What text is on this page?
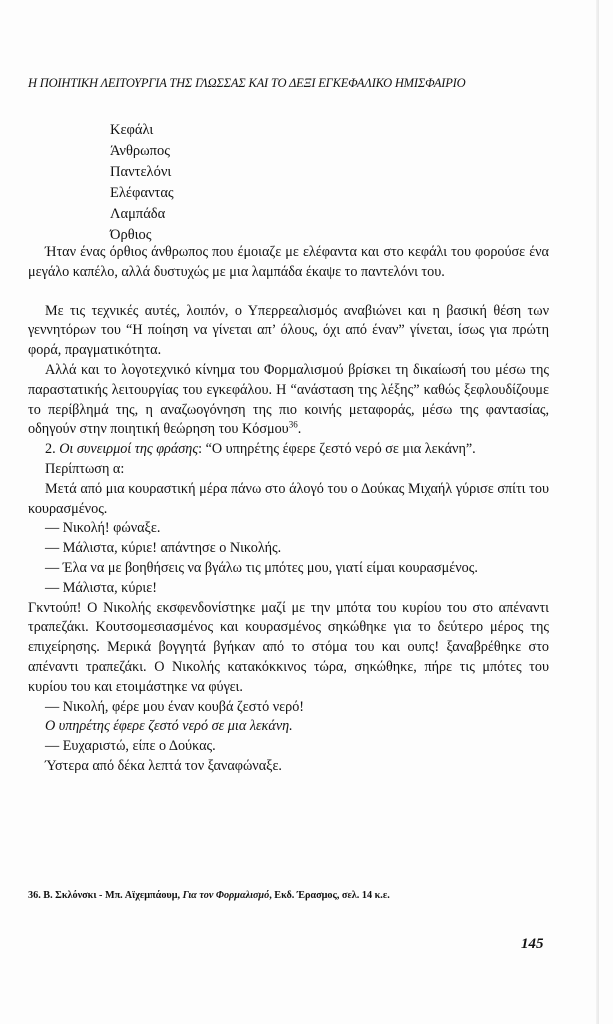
Η ΠΟΙΗΤΙΚΗ ΛΕΙΤΟΥΡΓΙΑ ΤΗΣ ΓΛΩΣΣΑΣ ΚΑΙ ΤΟ ΔΕΞΙ ΕΓΚΕΦΑΛΙΚΟ ΗΜΙΣΦΑΙΡΙΟ
Κεφάλι
Άνθρωπος
Παντελόνι
Ελέφαντας
Λαμπάδα
Όρθιος

Ήταν ένας όρθιος άνθρωπος που έμοιαζε με ελέφαντα και στο κεφάλι του φορούσε ένα μεγάλο καπέλο, αλλά δυστυχώς με μια λαμπάδα έκαψε το παντελόνι του.

Με τις τεχνικές αυτές, λοιπόν, ο Υπερρεαλισμός αναβιώνει και η βασική θέση των γεννητόρων του “Η ποίηση να γίνεται απ’ όλους, όχι από έναν” γίνεται, ίσως για πρώτη φορά, πραγματικότητα.

Αλλά και το λογοτεχνικό κίνημα του Φορμαλισμού βρίσκει τη δικαίωσή του μέσω της παραστατικής λειτουργίας του εγκεφάλου. Η “ανάσταση της λέξης” καθώς ξεφλουδίζουμε το περίβλημά της, η αναζωογόνηση της πιο κοινής μεταφοράς, μέσω της φαντασίας, οδηγούν στην ποιητική θεώρηση του Κόσμου$^{36}$.

2. Οι συνειρμοί της φράσης: “Ο υπηρέτης έφερε ζεστό νερό σε μια λεκάνη”.

Περίπτωση α:

Μετά από μια κουραστική μέρα πάνω στο άλογό του ο Δούκας Μιχαήλ γύρισε σπίτι του κουρασμένος.

— Νικολή! φώναξε.

— Μάλιστα, κύριε! απάντησε ο Νικολής.

— Έλα να με βοηθήσεις να βγάλω τις μπότες μου, γιατί είμαι κουρασμένος.

— Μάλιστα, κύριε!

Γκντούπ! Ο Νικολής εκσφενδονίστηκε μαζί με την μπότα του κυρίου του στο απέναντι τραπεζάκι. Κουτσομεσιασμένος και κουρασμένος σηκώθηκε για το δεύτερο μέρος της επιχείρησης. Μερικά βογγητά βγήκαν από το στόμα του και ουπς! ξαναβρέθηκε στο απέναντι τραπεζάκι. Ο Νικολής κατακόκκινος τώρα, σηκώθηκε, πήρε τις μπότες του κυρίου του και ετοιμάστηκε να φύγει.

— Νικολή, φέρε μου έναν κουβά ζεστό νερό!

Ο υπηρέτης έφερε ζεστό νερό σε μια λεκάνη.

— Ευχαριστώ, είπε ο Δούκας.

Ύστερα από δέκα λεπτά τον ξαναφώναξε.

36. Β. Σκλόνσκι - Μπ. Αϊχεμπάουμ, Για τον Φορμαλισμό, Εκδ. Έρασμος, σελ. 14 κ.ε.
145
